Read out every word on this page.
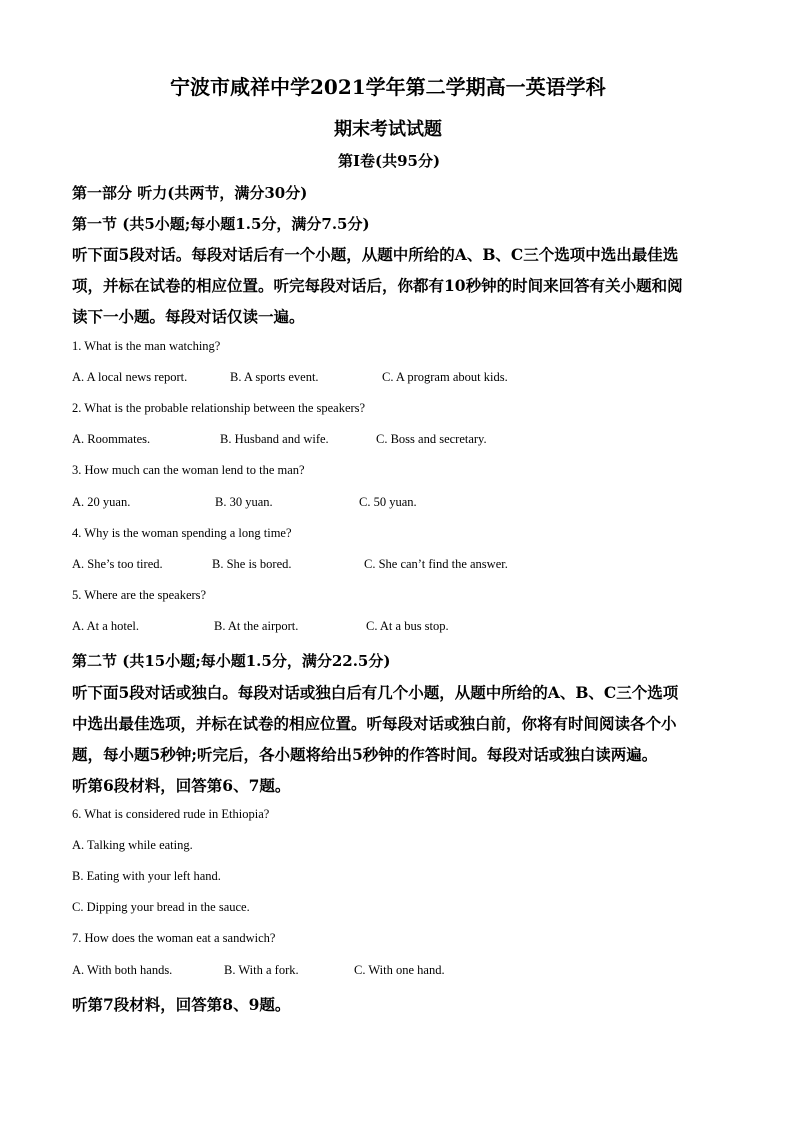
宁波市咸祥中学2021学年第二学期高一英语学科
期末考试试题
第I卷(共95分)
第一部分 听力(共两节，满分30分)
第一节 (共5小题;每小题1.5分，满分7.5分)
听下面5段对话。每段对话后有一个小题，从题中所给的A、B、C三个选项中选出最佳选
项，并标在试卷的相应位置。听完每段对话后，你都有10秒钟的时间来回答有关小题和阅
读下一小题。每段对话仅读一遍。
1. What is the man watching?
A. A local news report.	B. A sports event.	C. A program about kids.
2. What is the probable relationship between the speakers?
A. Roommates.	B. Husband and wife.	C. Boss and secretary.
3. How much can the woman lend to the man?
A. 20 yuan.	B. 30 yuan.	C. 50 yuan.
4. Why is the woman spending a long time?
A. She’s too tired.	B. She is bored.	C. She can’t find the answer.
5. Where are the speakers?
A. At a hotel.	B. At the airport.	C. At a bus stop.
第二节 (共15小题;每小题1.5分，满分22.5分)
听下面5段对话或独白。每段对话或独白后有几个小题，从题中所给的A、B、C三个选项
中选出最佳选项，并标在试卷的相应位置。听每段对话或独白前，你将有时间阅读各个小
题，每小题5秒钟;听完后，各小题将给出5秒钟的作答时间。每段对话或独白读两遍。
听第6段材料，回答第6、7题。
6. What is considered rude in Ethiopia?
A. Talking while eating.
B. Eating with your left hand.
C. Dipping your bread in the sauce.
7. How does the woman eat a sandwich?
A. With both hands.	B. With a fork.	C. With one hand.
听第7段材料，回答第8、9题。
